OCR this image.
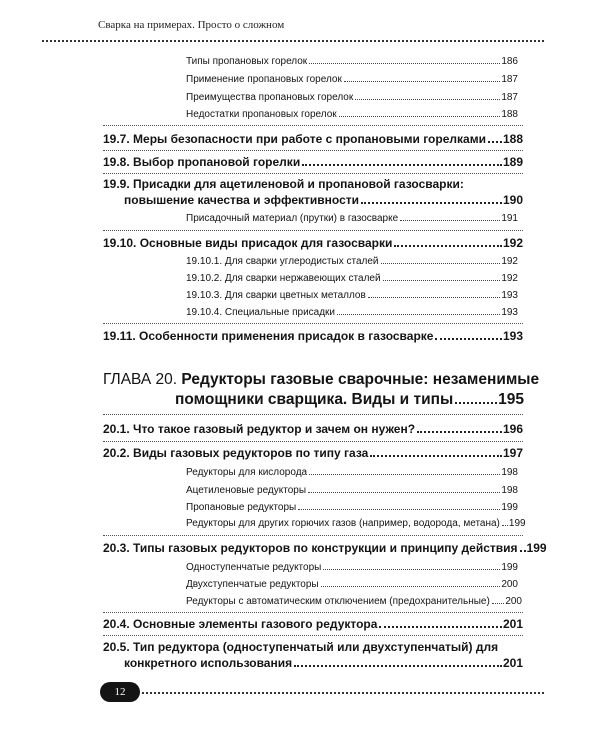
Сварка на примерах. Просто о сложном
Типы пропановых горелок	186
Применение пропановых горелок	187
Преимущества пропановых горелок	187
Недостатки пропановых горелок	188
19.7. Меры безопасности при работе с пропановыми горелками 188
19.8. Выбор пропановой горелки	189
19.9. Присадки для ацетиленовой и пропановой газосварки:
повышение качества и эффективности	190
Присадочный материал (прутки) в газосварке	191
19.10. Основные виды присадок для газосварки	192
19.10.1. Для сварки углеродистых сталей	192
19.10.2. Для сварки нержавеющих сталей	192
19.10.3. Для сварки цветных металлов	193
19.10.4. Специальные присадки	193
19.11. Особенности применения присадок в газосварке	193
ГЛАВА 20. Редукторы газовые сварочные: незаменимые
помощники сварщика. Виды и типы	195
20.1. Что такое газовый редуктор и зачем он нужен?	196
20.2. Виды газовых редукторов по типу газа	197
Редукторы для кислорода	198
Ацетиленовые редукторы	198
Пропановые редукторы	199
Редукторы для других горючих газов (например, водорода, метана) 199
20.3. Типы газовых редукторов по конструкции и принципу действия 199
Одноступенчатые редукторы	199
Двухступенчатые редукторы	200
Редукторы с автоматическим отключением (предохранительные) 200
20.4. Основные элементы газового редуктора	201
20.5. Тип редуктора (одноступенчатый или двухступенчатый) для
конкретного использования	201
12
